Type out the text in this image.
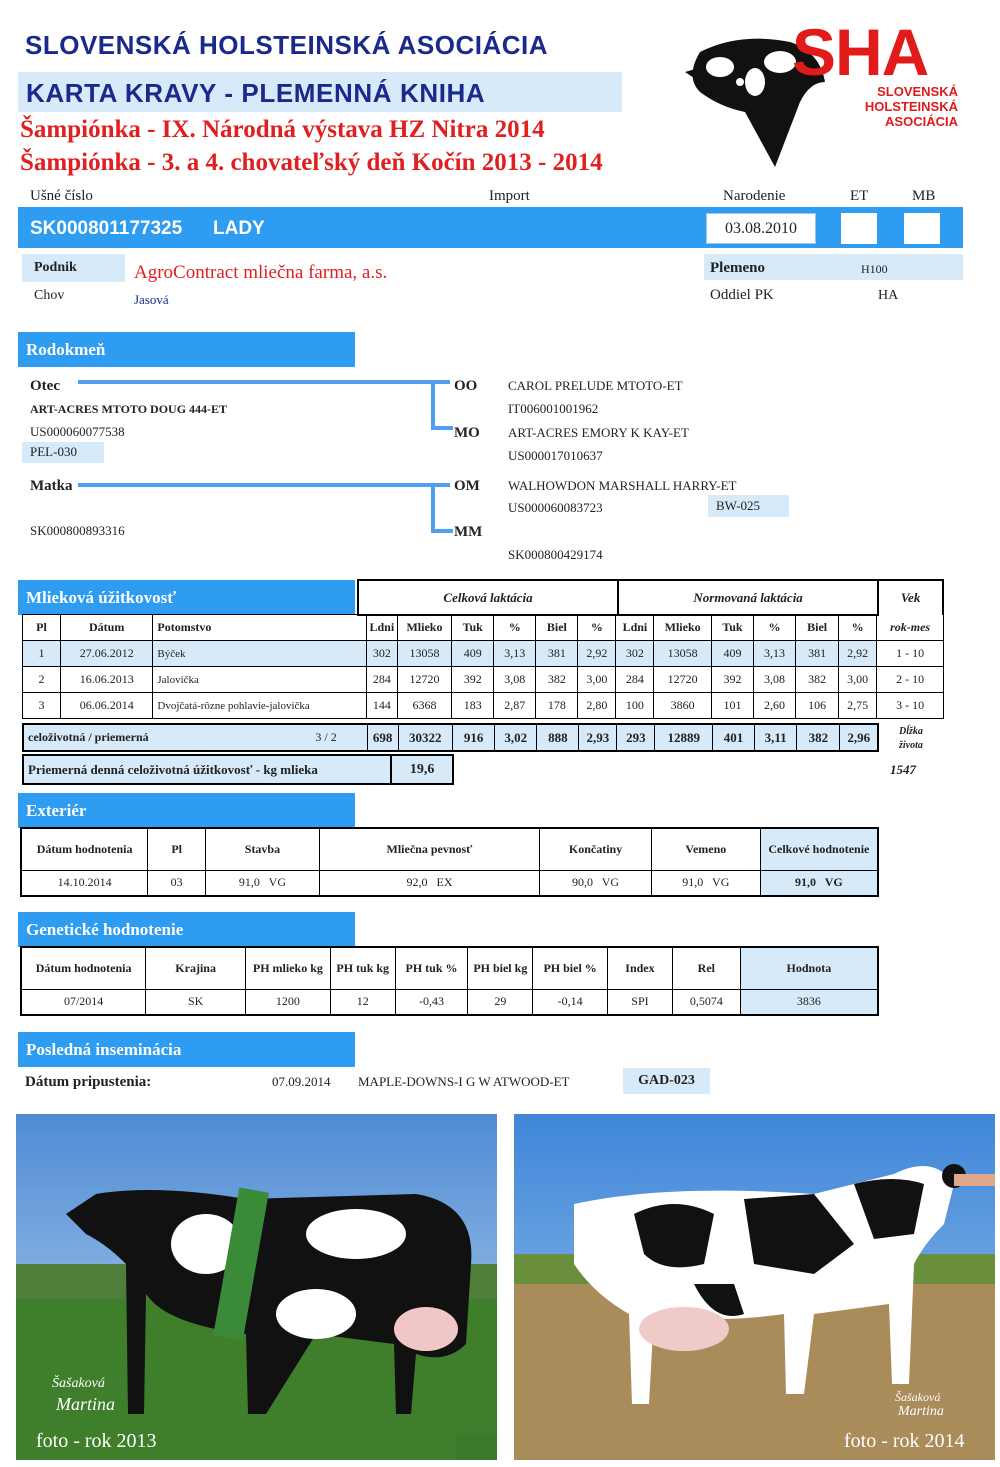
SLOVENSKÁ HOLSTEINSKÁ ASOCIÁCIA
KARTA KRAVY - PLEMENNÁ KNIHA
Šampiónka - IX. Národná výstava HZ Nitra 2014
Šampiónka - 3. a 4. chovateľský deň Kočín 2013 - 2014
SHA
SLOVENSKÁ
HOLSTEINSKÁ ASOCIÁCIA
Ušné číslo	Import	Narodenie	ET	MB
SK000801177325 LADY	03.08.2010
Podnik	AgroContract mliečna farma, a.s.
Chov	Jasová
Plemeno	H100
Oddiel PK	HA
Rodokmeň
Otec
ART-ACRES MTOTO DOUG 444-ET
US000060077538
PEL-030
Matka
SK000800893316
OO CAROL PRELUDE MTOTO-ET
IT006001001962
MO ART-ACRES EMORY K KAY-ET
US000017010637
OM WALHOWDON MARSHALL HARRY-ET
US000060083723	BW-025
MM
SK000800429174
Mlieková úžitkovosť	Celková laktácia	Normovaná laktácia	Vek
Pl	Dátum	Potomstvo	Ldni	Mlieko	Tuk	%	Biel	%	Ldni	Mlieko	Tuk	%	Biel	%	rok-mes
1	27.06.2012	Býček	302	13058	409	3,13	381	2,92	302	13058	409	3,13	381	2,92	1 - 10
2	16.06.2013	Jalovička	284	12720	392	3,08	382	3,00	284	12720	392	3,08	382	3,00	2 - 10
3	06.06.2014	Dvojčatá-rôzne pohlavie-jalovička	144	6368	183	2,87	178	2,80	100	3860	101	2,60	106	2,75	3 - 10
celoživotná / priemerná	3 / 2	698	30322	916	3,02	888	2,93	293	12889	401	3,11	382	2,96	Dĺžka
života
1547
Priemerná denná celoživotná úžitkovosť - kg mlieka	19,6
Exteriér
Dátum hodnotenia	Pl	Stavba	Mliečna pevnosť	Končatiny	Vemeno	Celkové hodnotenie
14.10.2014	03	91,0   VG	92,0   EX	90,0   VG	91,0   VG	91,0   VG
Genetické hodnotenie
Dátum hodnotenia	Krajina	PH mlieko kg	PH tuk kg	PH tuk %	PH biel kg	PH biel %	Index	Rel	Hodnota
07/2014	SK	1200	12	-0,43	29	-0,14	SPI	0,5074	3836
Posledná inseminácia
Dátum pripustenia:	07.09.2014 MAPLE-DOWNS-I G W ATWOOD-ET	GAD-023
Šašaková
Martina
foto - rok 2013
Šašaková
Martina
foto - rok 2014
